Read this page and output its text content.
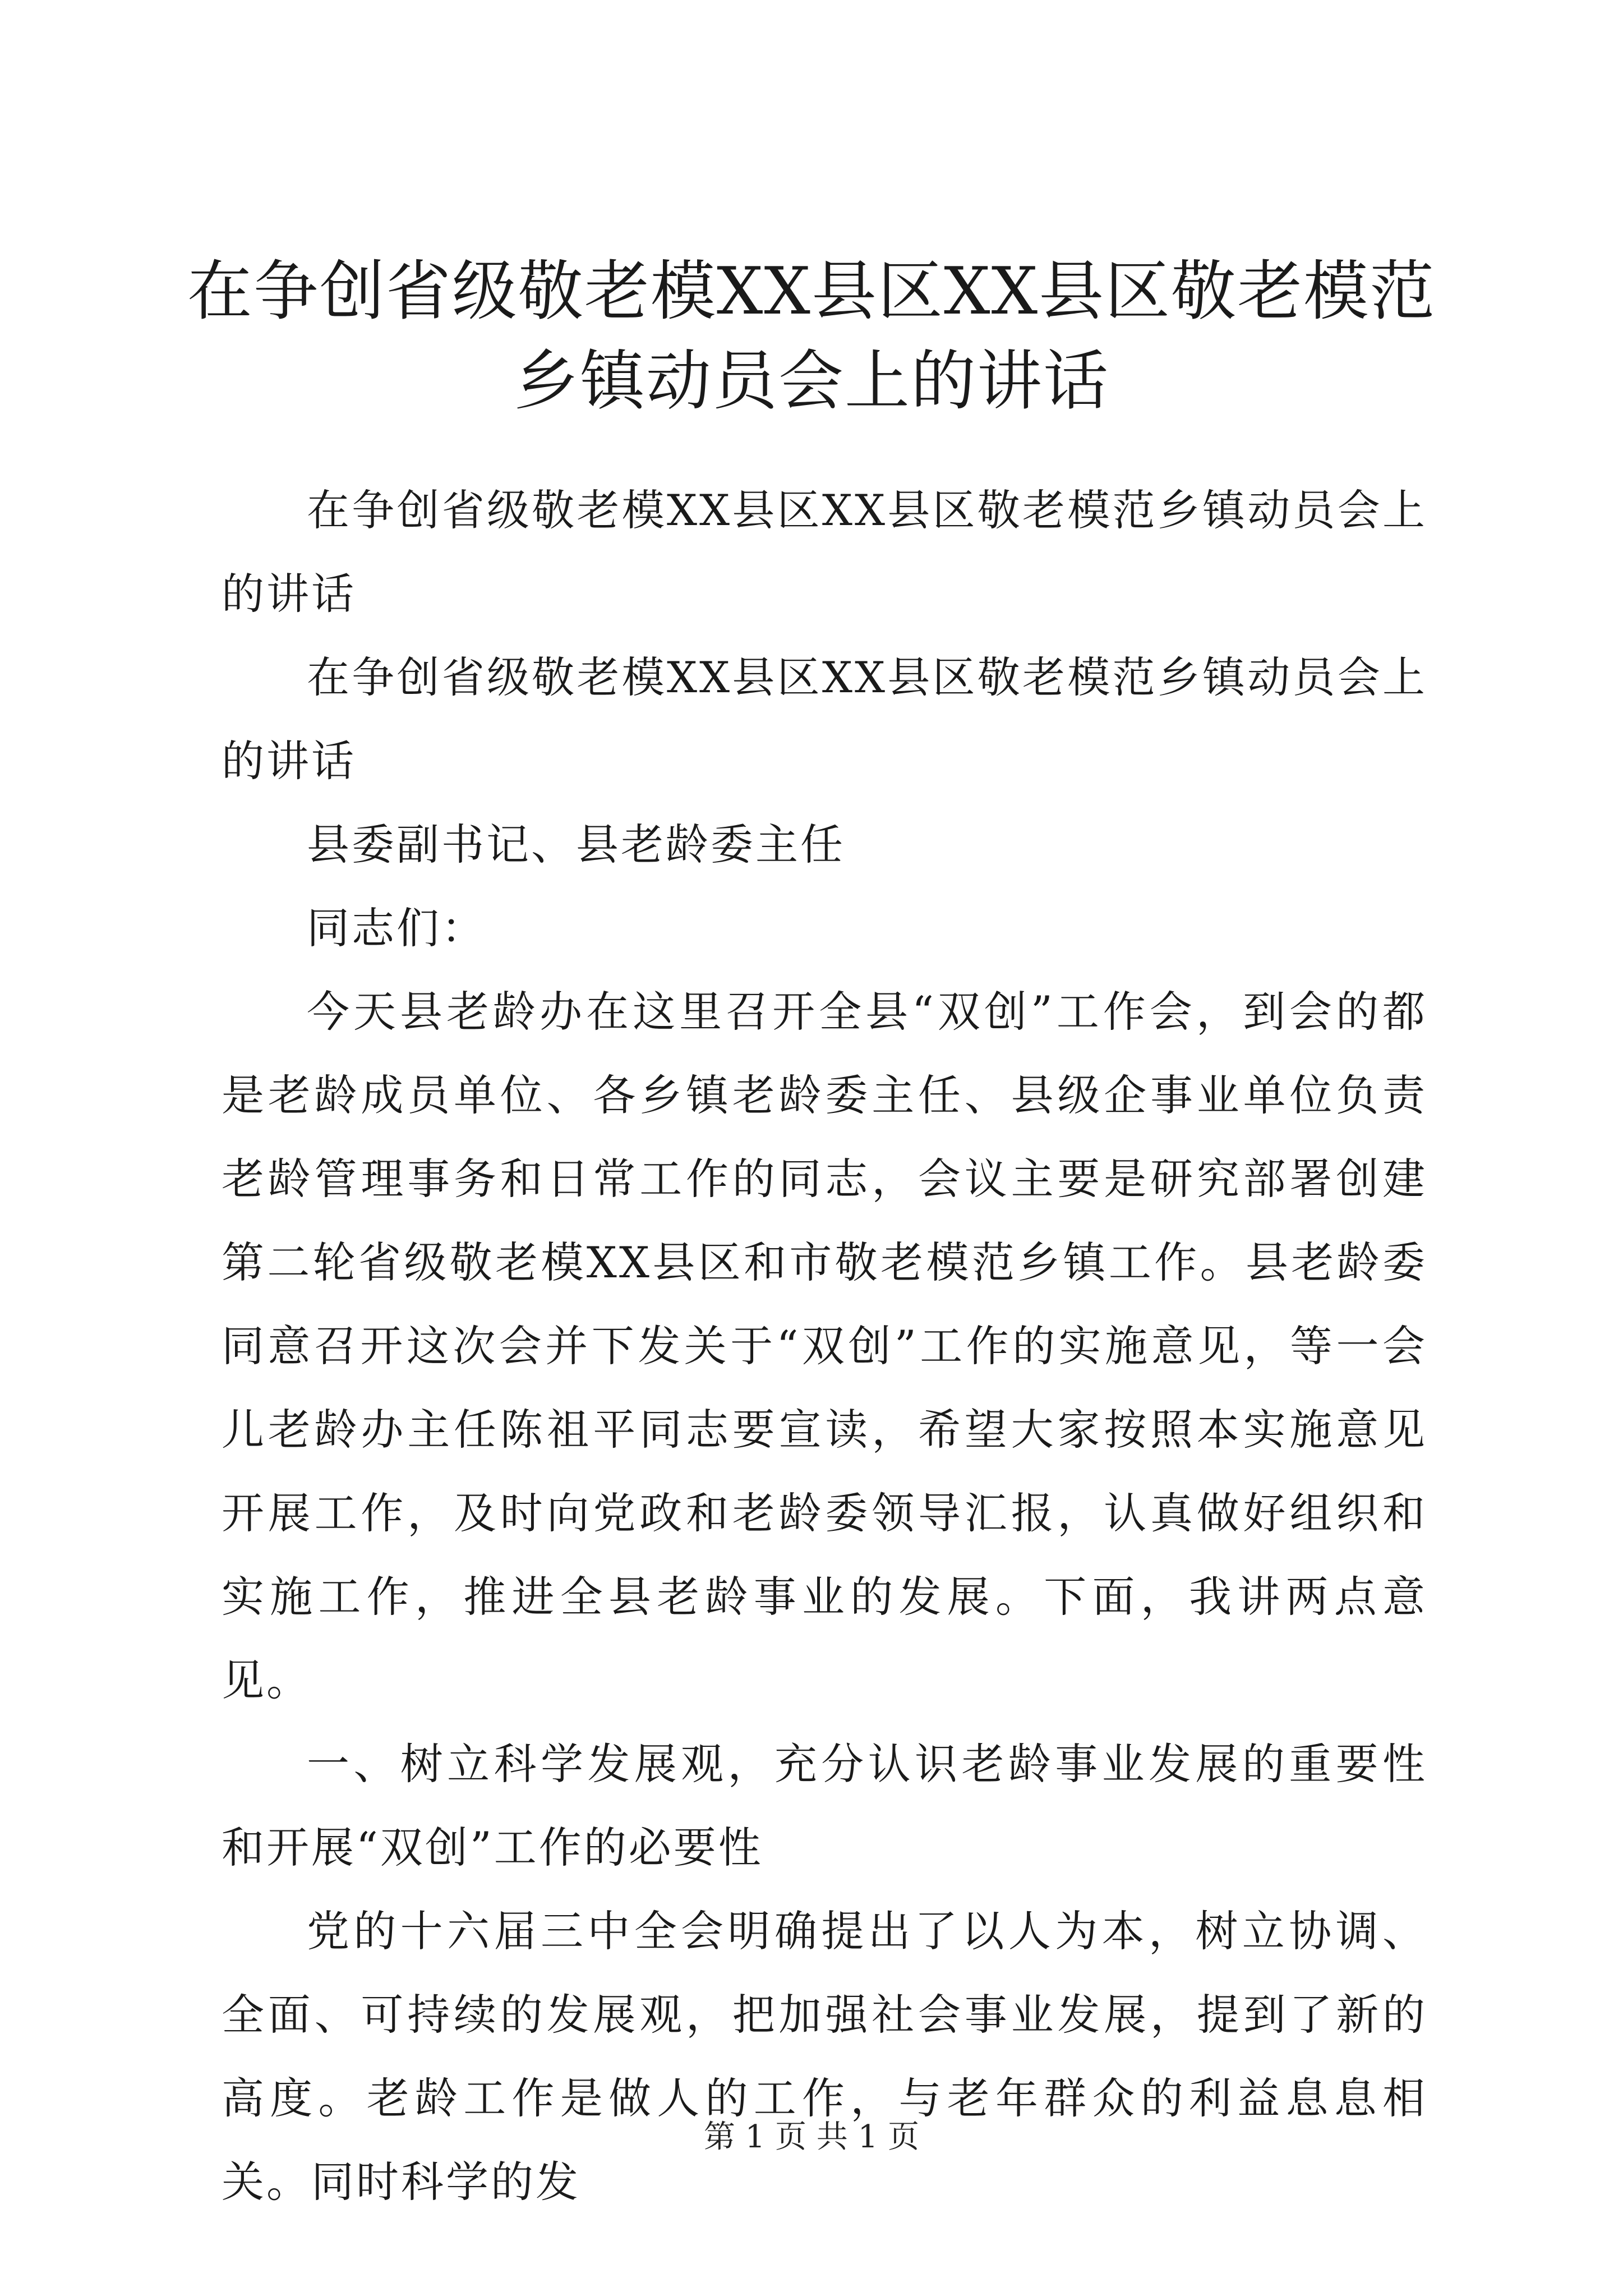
在争创省级敬老模XX县区XX县区敬老模范乡镇动员会上的讲话

在争创省级敬老模XX县区XX县区敬老模范乡镇动员会上的讲话

在争创省级敬老模XX县区XX县区敬老模范乡镇动员会上的讲话

县委副书记、县老龄委主任

同志们：

今天县老龄办在这里召开全县“双创”工作会，到会的都是老龄成员单位、各乡镇老龄委主任、县级企事业单位负责老龄管理事务和日常工作的同志，会议主要是研究部署创建第二轮省级敬老模XX县区和市敬老模范乡镇工作。县老龄委同意召开这次会并下发关于“双创”工作的实施意见，等一会儿老龄办主任陈祖平同志要宣读，希望大家按照本实施意见开展工作，及时向党政和老龄委领导汇报，认真做好组织和实施工作，推进全县老龄事业的发展。下面，我讲两点意见。

一、树立科学发展观，充分认识老龄事业发展的重要性和开展“双创”工作的必要性

党的十六届三中全会明确提出了以人为本，树立协调、全面、可持续的发展观，把加强社会事业发展，提到了新的高度。老龄工作是做人的工作，与老年群众的利益息息相关。同时科学的发

第 1 页 共 1 页
